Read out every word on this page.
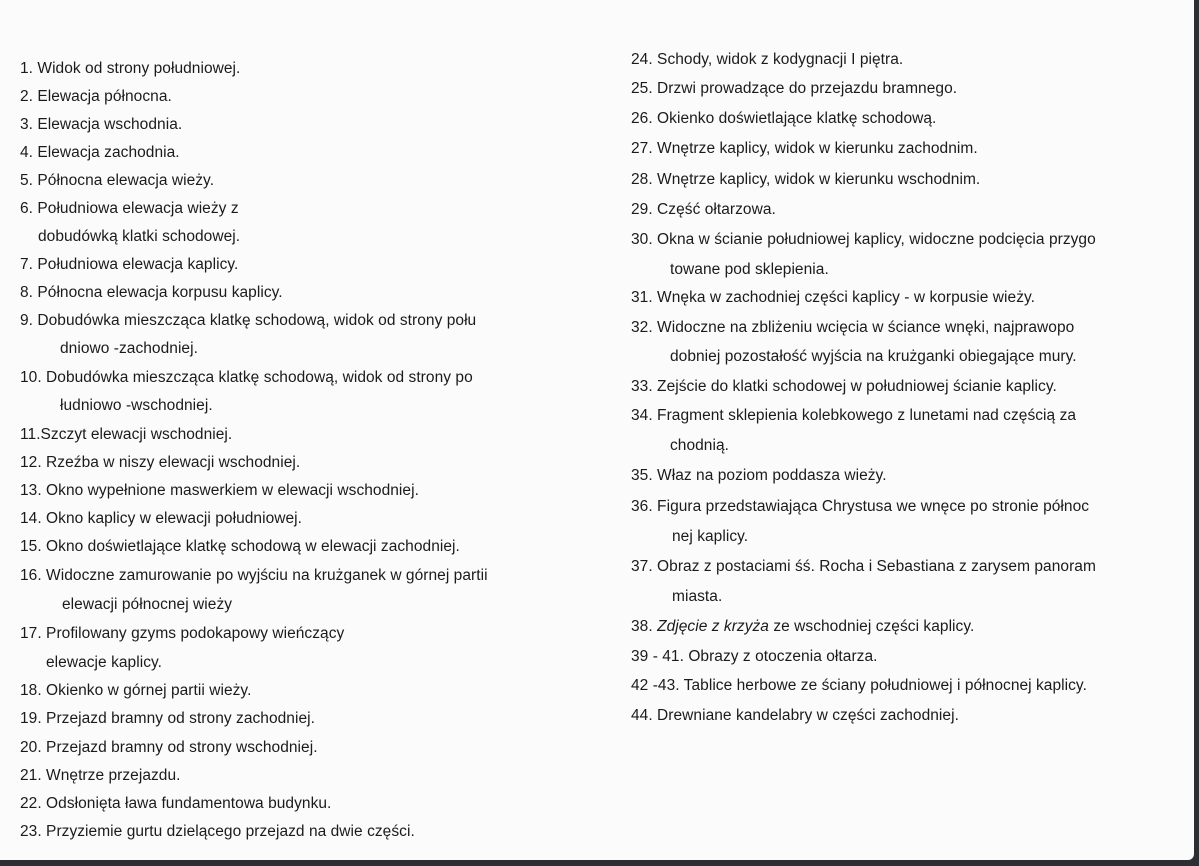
1. Widok od strony południowej.
2. Elewacja północna.
3. Elewacja wschodnia.
4. Elewacja zachodnia.
5. Północna elewacja wieży.
6. Południowa elewacja wieży z
dobudówką klatki schodowej.
7. Południowa elewacja kaplicy.
8. Północna elewacja korpusu kaplicy.
9. Dobudówka mieszcząca klatkę schodową, widok od strony połu
dniowo -zachodniej.
10. Dobudówka mieszcząca klatkę schodową, widok od strony po
łudniowo -wschodniej.
11.Szczyt elewacji wschodniej.
12. Rzeźba w niszy elewacji wschodniej.
13. Okno wypełnione maswerkiem w elewacji wschodniej.
14. Okno kaplicy w elewacji południowej.
15. Okno doświetlające klatkę schodową w elewacji zachodniej.
16. Widoczne zamurowanie po wyjściu na krużganek w górnej partii
elewacji północnej wieży
17. Profilowany gzyms podokapowy wieńczący
elewacje kaplicy.
18. Okienko w górnej partii wieży.
19. Przejazd bramny od strony zachodniej.
20. Przejazd bramny od strony wschodniej.
21. Wnętrze przejazdu.
22. Odsłonięta ława fundamentowa budynku.
23. Przyziemie gurtu dzielącego przejazd na dwie części.
24. Schody, widok z kodygnacji I piętra.
25. Drzwi prowadzące do przejazdu bramnego.
26. Okienko doświetlające klatkę schodową.
27. Wnętrze kaplicy, widok w kierunku zachodnim.
28. Wnętrze kaplicy, widok w kierunku wschodnim.
29. Część ołtarzowa.
30. Okna w ścianie południowej kaplicy, widoczne podcięcia przygo
towane pod sklepienia.
31. Wnęka w zachodniej części kaplicy - w korpusie wieży.
32. Widoczne na zbliżeniu wcięcia w ściance wnęki, najprawopo
dobniej pozostałość wyjścia na krużganki obiegające mury.
33. Zejście do klatki schodowej w południowej ścianie kaplicy.
34. Fragment sklepienia kolebkowego z lunetami nad częścią za
chodnią.
35. Właz na poziom poddasza wieży.
36. Figura przedstawiająca Chrystusa we wnęce po stronie północ
nej kaplicy.
37. Obraz z postaciami śś. Rocha i Sebastiana z zarysem panoram
miasta.
38. Zdjęcie z krzyża ze wschodniej części kaplicy.
39 - 41. Obrazy z otoczenia ołtarza.
42 -43. Tablice herbowe ze ściany południowej i północnej kaplicy.
44. Drewniane kandelabry w części zachodniej.
